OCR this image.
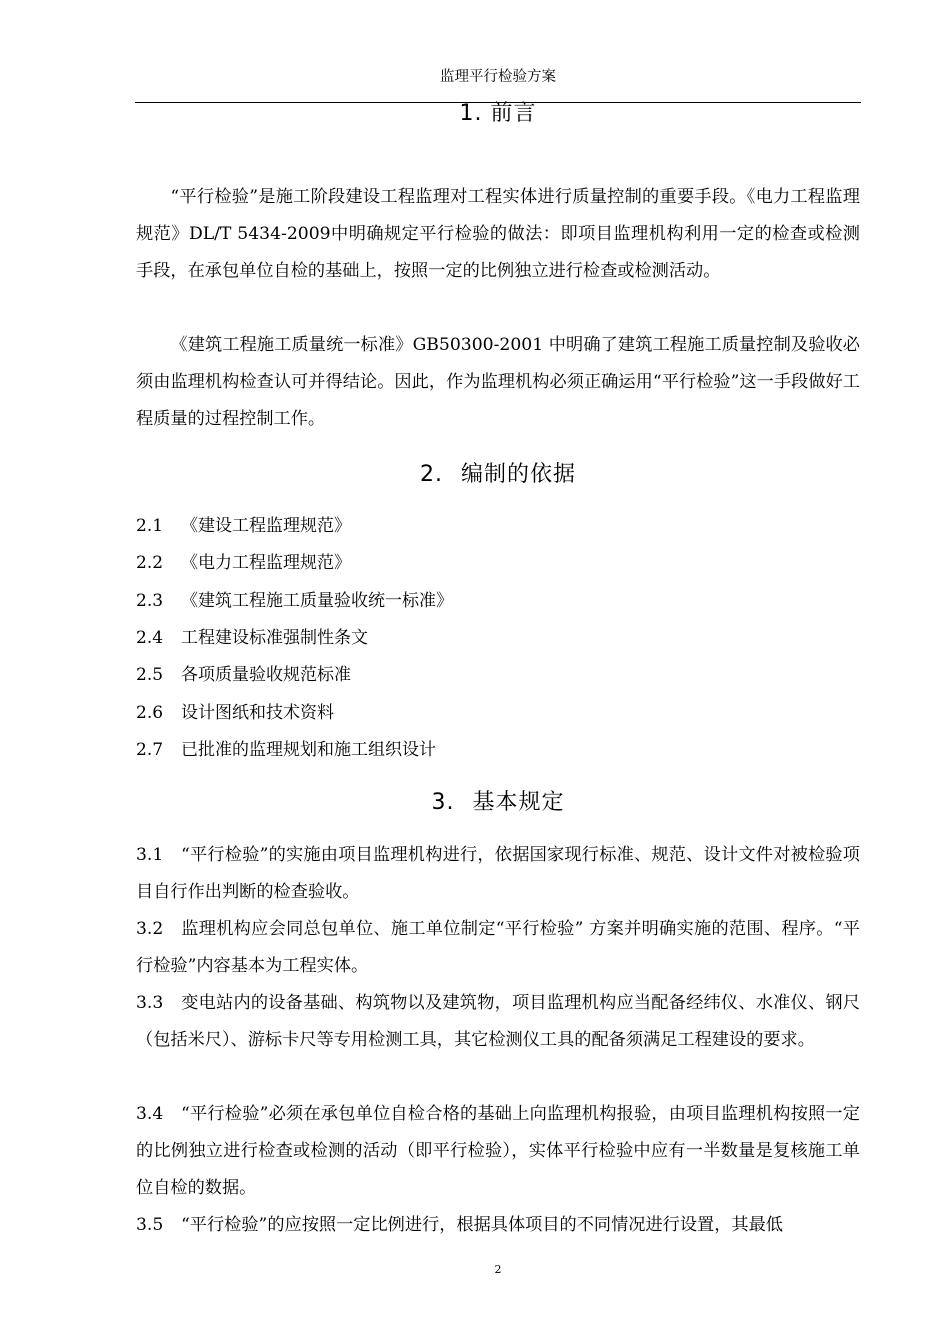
监理平行检验方案
1. 前言

“平行检验”是施工阶段建设工程监理对工程实体进行质量控制的重要手段。《电力工程监理规范》DL/T 5434-2009中明确规定平行检验的做法：即项目监理机构利用一定的检查或检测手段，在承包单位自检的基础上，按照一定的比例独立进行检查或检测活动。

《建筑工程施工质量统一标准》GB50300-2001 中明确了建筑工程施工质量控制及验收必须由监理机构检查认可并得结论。因此，作为监理机构必须正确运用“平行检验”这一手段做好工程质量的过程控制工作。

2. 编制的依据
2.1 《建设工程监理规范》
2.2 《电力工程监理规范》
2.3 《建筑工程施工质量验收统一标准》
2.4 工程建设标准强制性条文
2.5 各项质量验收规范标准
2.6 设计图纸和技术资料
2.7 已批准的监理规划和施工组织设计
3. 基本规定

3.1 “平行检验”的实施由项目监理机构进行，依据国家现行标准、规范、设计文件对被检验项目自行作出判断的检查验收。

3.2 监理机构应会同总包单位、施工单位制定“平行检验” 方案并明确实施的范围、程序。“平行检验”内容基本为工程实体。

3.3 变电站内的设备基础、构筑物以及建筑物，项目监理机构应当配备经纬仪、水准仪、钢尺（包括米尺）、游标卡尺等专用检测工具，其它检测仪工具的配备须满足工程建设的要求。

3.4 “平行检验”必须在承包单位自检合格的基础上向监理机构报验，由项目监理机构按照一定的比例独立进行检查或检测的活动（即平行检验），实体平行检验中应有一半数量是复核施工单位自检的数据。

3.5 “平行检验”的应按照一定比例进行，根据具体项目的不同情况进行设置，其最低

2
